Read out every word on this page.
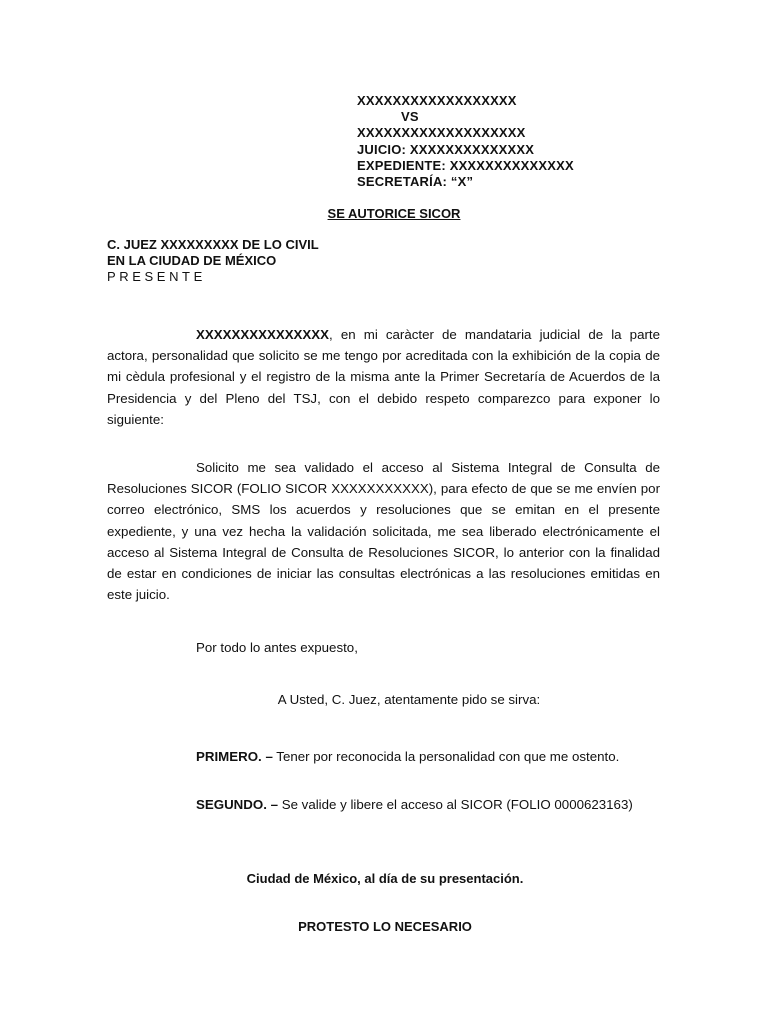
XXXXXXXXXXXXXXXXXX
VS
XXXXXXXXXXXXXXXXXXX
JUICIO: XXXXXXXXXXXXXX
EXPEDIENTE: XXXXXXXXXXXXXX
SECRETARÍA: “X”
SE AUTORICE SICOR
C. JUEZ XXXXXXXXX DE LO CIVIL
EN LA CIUDAD DE MÉXICO
PRESENTE
XXXXXXXXXXXXXXX, en mi caràcter de mandataria judicial de la parte actora, personalidad que solicito se me tengo por acreditada con la exhibición de la copia de mi cèdula profesional y el registro de la misma ante la Primer Secretaría de Acuerdos de la Presidencia y del Pleno del TSJ, con el debido respeto comparezco para exponer lo siguiente:
Solicito me sea validado el acceso al Sistema Integral de Consulta de Resoluciones SICOR (FOLIO SICOR XXXXXXXXXXX), para efecto de que se me envíen por correo electrónico, SMS los acuerdos y resoluciones que se emitan en el presente expediente, y una vez hecha la validación solicitada, me sea liberado electrónicamente el acceso al Sistema Integral de Consulta de Resoluciones SICOR, lo anterior con la finalidad de estar en condiciones de iniciar las consultas electrónicas a las resoluciones emitidas en este juicio.
Por todo lo antes expuesto,
A Usted, C. Juez, atentamente pido se sirva:
PRIMERO. – Tener por reconocida la personalidad con que me ostento.
SEGUNDO. – Se valide y libere el acceso al SICOR (FOLIO 0000623163)
Ciudad de México, al día de su presentación.
PROTESTO LO NECESARIO
